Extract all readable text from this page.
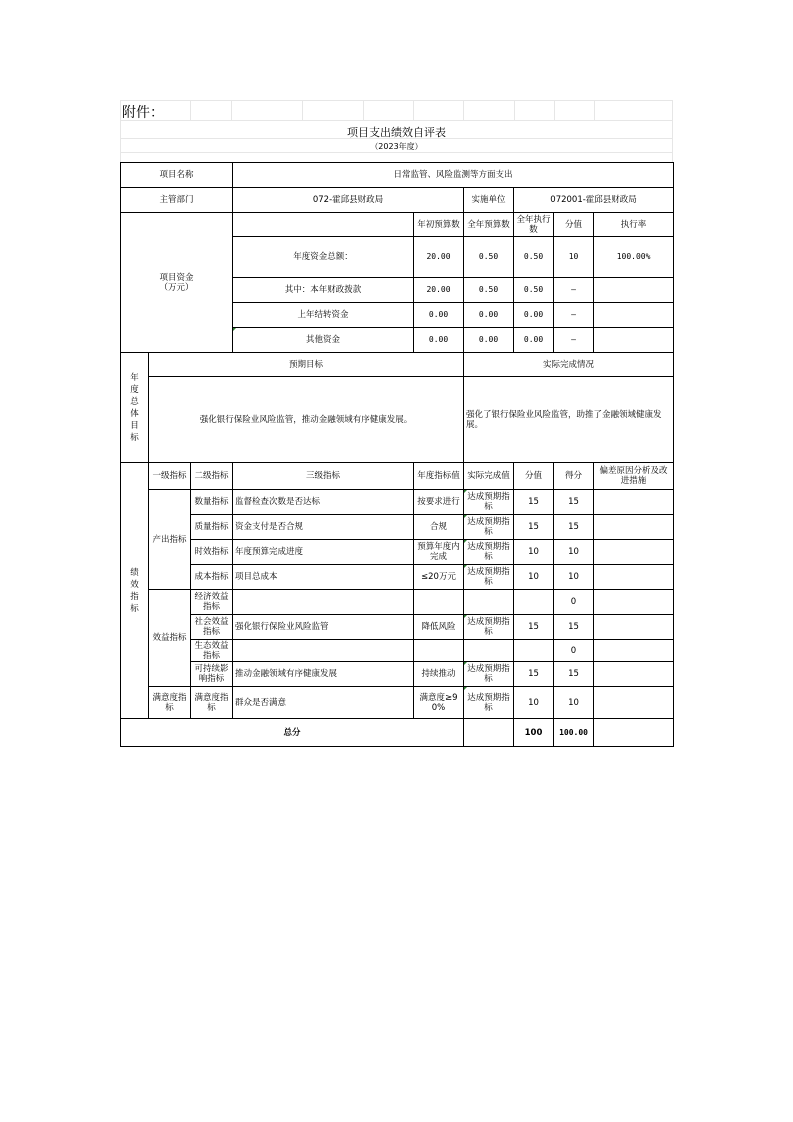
附件：
项目支出绩效自评表
（2023年度）
项目名称			日常监管、风险监测等方面支出						
主管部门			072-霍邱县财政局		实施单位	072001-霍邱县财政局			
项目资金
（万元）				年初预算数	全年预算数	全年执行数	分值	执行率	
			年度资金总额：	20.00	0.50	0.50	10	100.00%	
			其中：本年财政拨款	20.00	0.50	0.50	–		
			上年结转资金	0.00	0.00	0.00	–		
			其他资金	0.00	0.00	0.00	–		
年度总体目标	预期目标				实际完成情况				
	强化银行保险业风险监管，推动金融领域有序健康发展。				强化了银行保险业风险监管，助推了金融领域健康发展。				
绩效指标	一级指标	二级指标	三级指标	年度指标值	实际完成值	分值	得分	偏差原因分析及改进措施	
	产出指标	数量指标	监督检查次数是否达标	按要求进行	达成预期指标	15	15		
		质量指标	资金支付是否合规	合规	达成预期指标	15	15		
		时效指标	年度预算完成进度	预算年度内完成	达成预期指标	10	10		
		成本指标	项目总成本	≤20万元	达成预期指标	10	10		
	效益指标	经济效益指标					0		
		社会效益指标	强化银行保险业风险监管	降低风险	达成预期指标	15	15		
		生态效益指标					0		
		可持续影响指标	推动金融领域有序健康发展	持续推动	达成预期指标	15	15		
	满意度指标	满意度指标	群众是否满意	满意度≥90%	达成预期指标	10	10		
总分						100	100.00		
